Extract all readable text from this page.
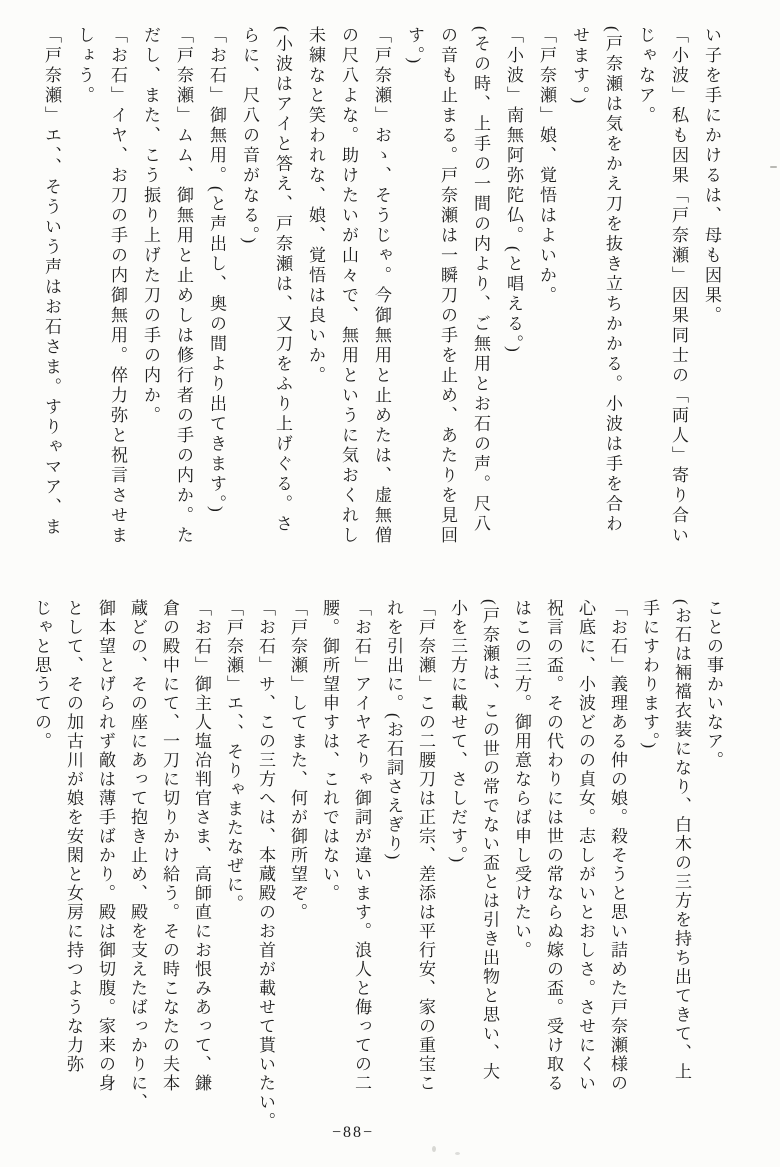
い子を手にかけるは、母も因果。
「小波」私も因果「戸奈瀬」因果同士の「両人」寄り合い
じゃなア。
(戸奈瀬は気をかえ刀を抜き立ちかかる。小波は手を合わ
せます。)
「戸奈瀬」娘、覚悟はよいか。
「小波」南無阿弥陀仏。(と唱える。)
(その時、上手の一間の内より、ご無用とお石の声。尺八
の音も止まる。戸奈瀬は一瞬刀の手を止め、あたりを見回
す。)
「戸奈瀬」おゝ、そうじゃ。今御無用と止めたは、虚無僧
の尺八よな。助けたいが山々で、無用というに気おくれし
未練なと笑われな、娘、覚悟は良いか。
(小波はアイと答え、戸奈瀬は、又刀をふり上げぐる。さ
らに、尺八の音がなる。)
「お石」御無用。(と声出し、奥の間より出てきます。)
「戸奈瀬」ムム、御無用と止めしは修行者の手の内か。た
だし、また、こう振り上げた刀の手の内か。
「お石」イヤ、お刀の手の内御無用。倅力弥と祝言させま
しょう。
「戸奈瀬」エ、、そういう声はお石さま。すりゃマア、ま
ことの事かいなア。
(お石は裲襠衣装になり、白木の三方を持ち出てきて、上
手にすわります。)
「お石」義理ある仲の娘。殺そうと思い詰めた戸奈瀬様の
心底に、小波どのの貞女。志しがいとおしさ。させにくい
祝言の盃。その代わりには世の常ならぬ嫁の盃。受け取る
はこの三方。御用意ならば申し受けたい。
(戸奈瀬は、この世の常でない盃とは引き出物と思い、大
小を三方に載せて、さしだす。)
「戸奈瀬」この二腰刀は正宗、差添は平行安、家の重宝こ
れを引出に。(お石詞さえぎり)
「お石」アイヤそりゃ御詞が違います。浪人と侮っての二
腰。御所望申すは、これではない。
「戸奈瀬」してまた、何が御所望ぞ。
「お石」サ、この三方へは、本蔵殿のお首が載せて貰いたい。
「戸奈瀬」エ、、そりゃまたなぜに。
「お石」御主人塩冶判官さま、高師直にお恨みあって、鎌
倉の殿中にて、一刀に切りかけ給う。その時こなたの夫本
蔵どの、その座にあって抱き止め、殿を支えたばっかりに、
御本望とげられず敵は薄手ばかり。殿は御切腹。家来の身
として、その加古川が娘を安閑と女房に持つような力弥
じゃと思うての。
−88−
